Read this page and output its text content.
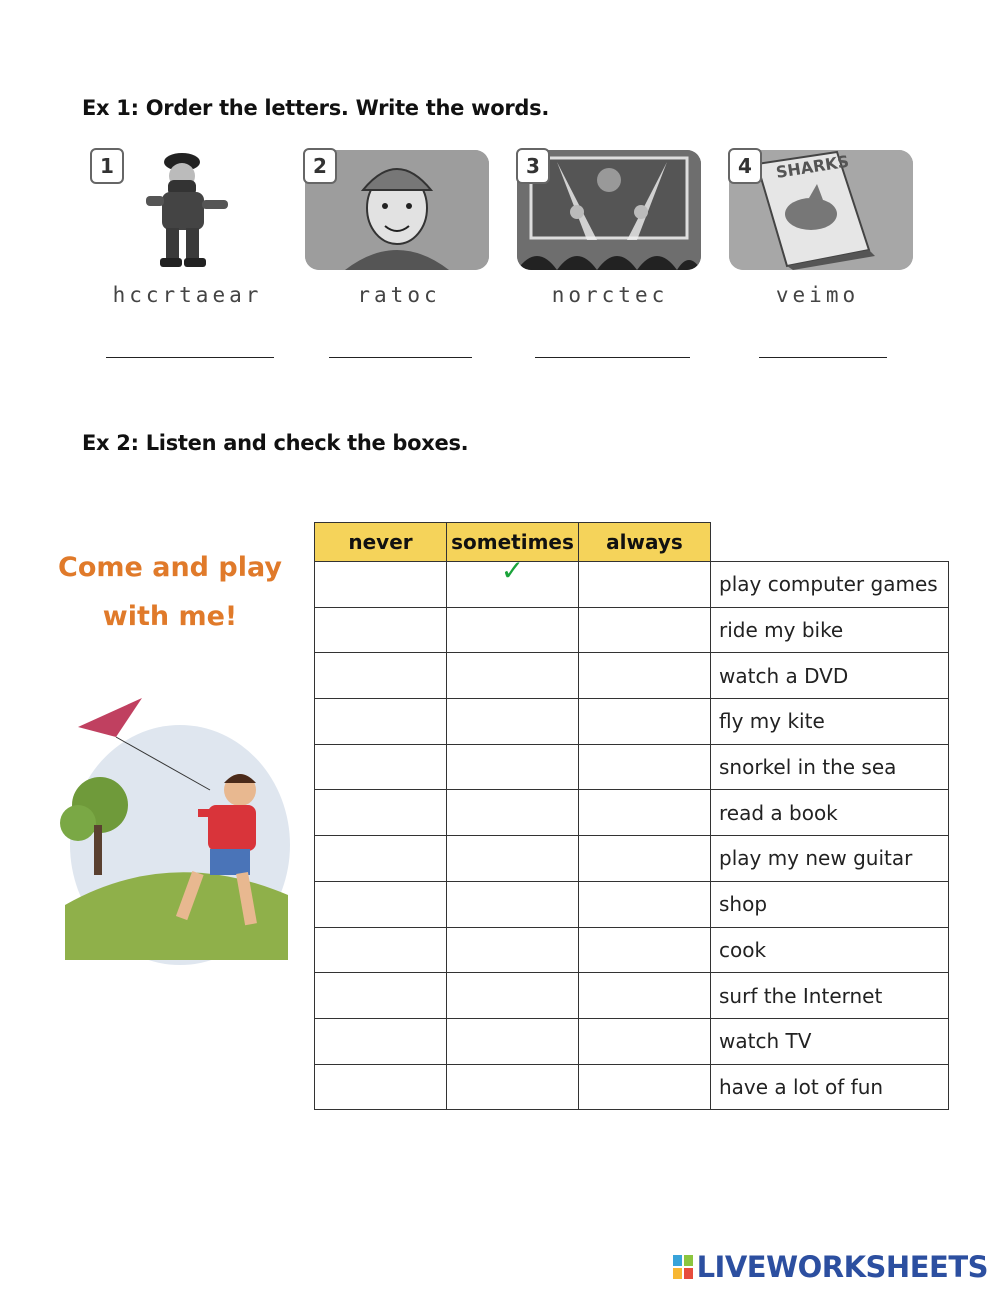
Ex 1: Order the letters. Write the words.
1
hccrtaear
2
ratoc
3
norctec
4	SHARKS
veimo
Ex 2: Listen and check the boxes.
Come and play
with me!
never	sometimes	always	
	✓		play computer games
			ride my bike
			watch a DVD
			fly my kite
			snorkel in the sea
			read a book
			play my new guitar
			shop
			cook
			surf the Internet
			watch TV
			have a lot of fun
LIVEWORKSHEETS
